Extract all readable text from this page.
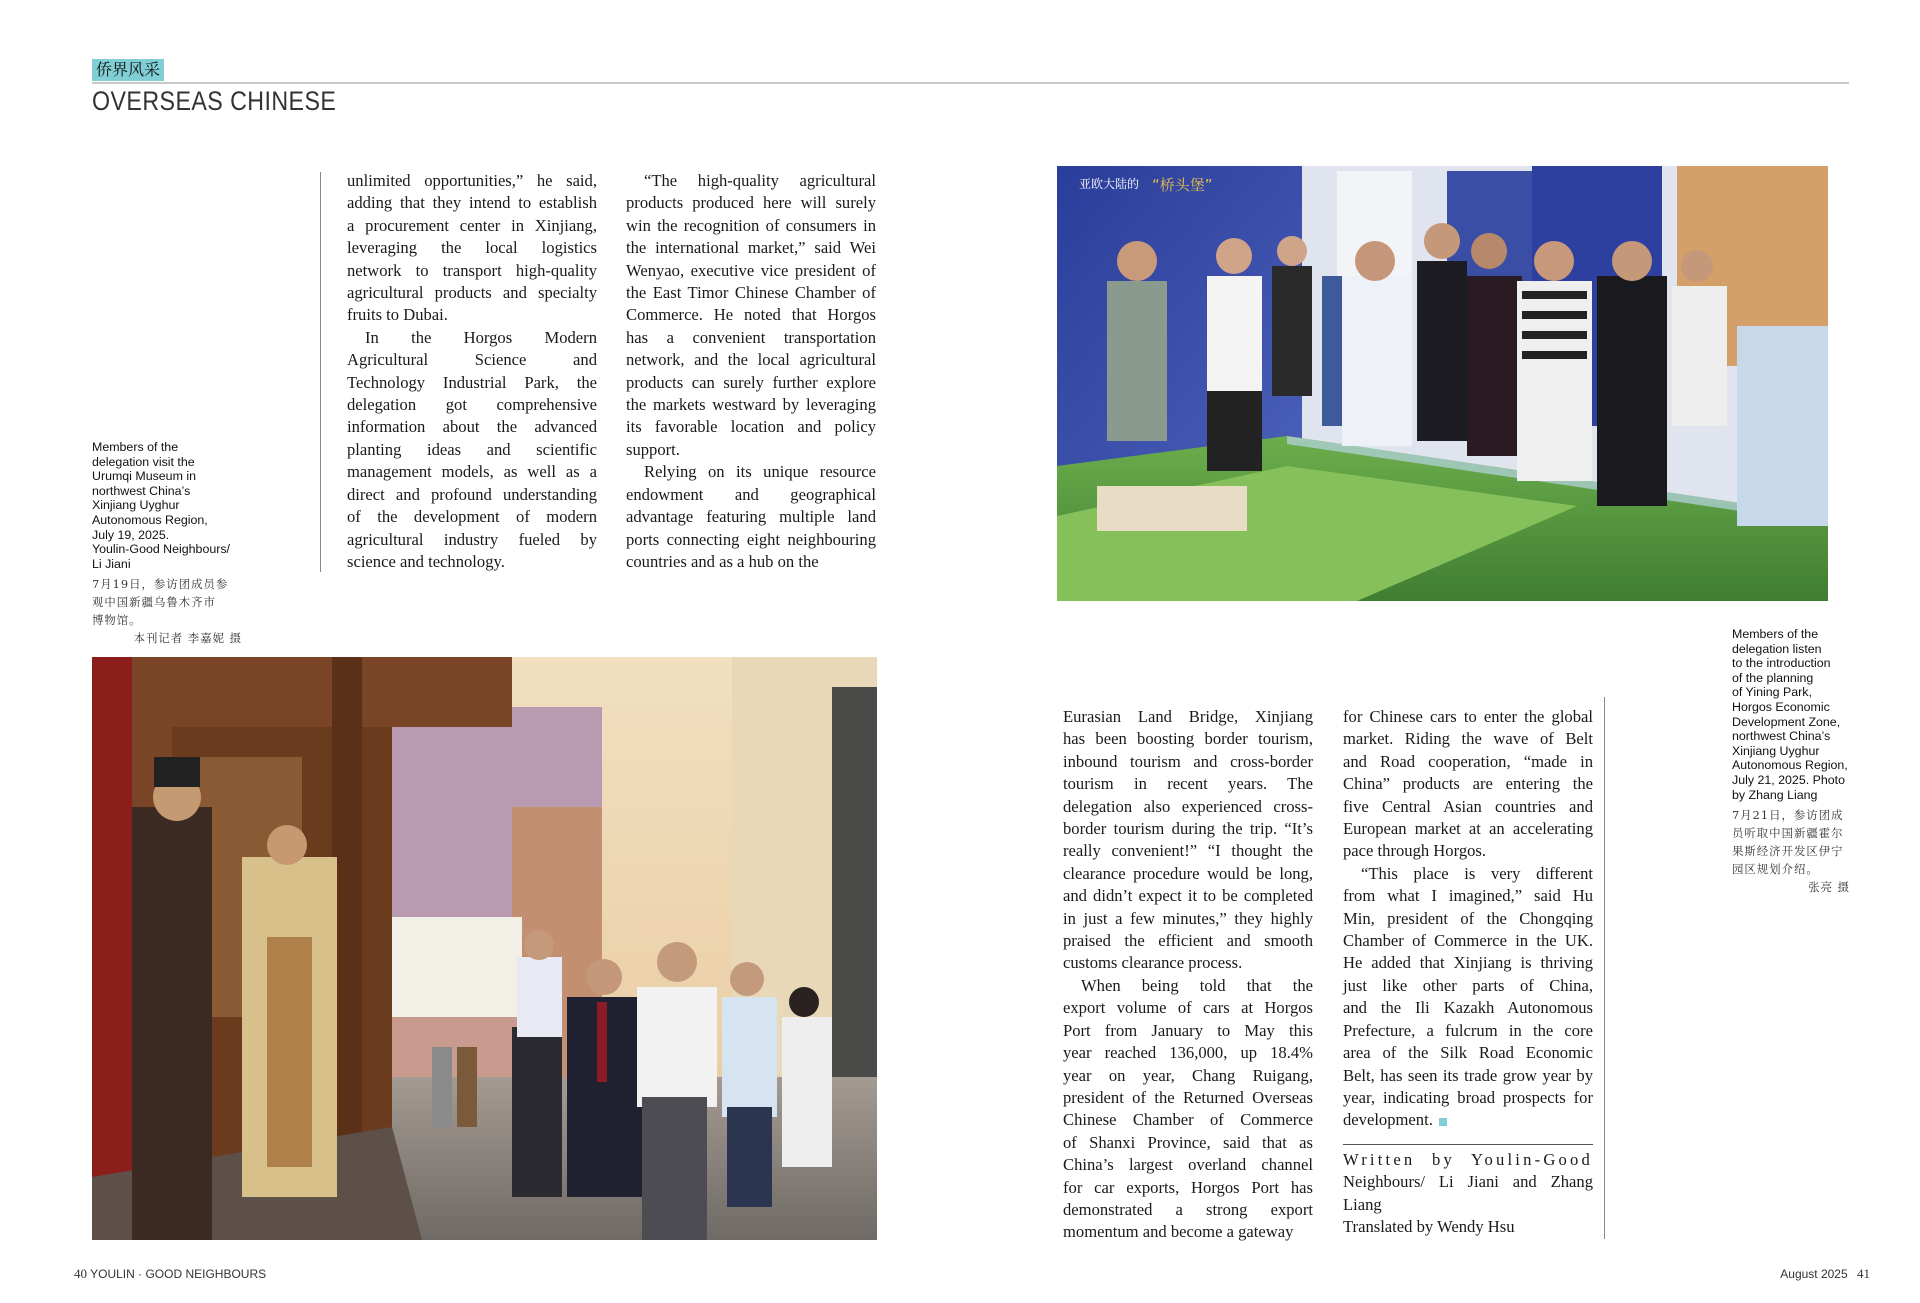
侨界风采
OVERSEAS CHINESE
Members of the
delegation visit the
Urumqi Museum in
northwest China’s
Xinjiang Uyghur
Autonomous Region,
July 19, 2025.
Youlin-Good Neighbours/
Li Jiani
7月19日，参访团成员参
观中国新疆乌鲁木齐市
博物馆。
本刊记者 李嘉妮 摄
unlimited opportunities,” he said,
adding that they intend to establish
a procurement center in Xinjiang,
leveraging the local logistics
network to transport high-quality
agricultural products and specialty
fruits to Dubai.
In the Horgos Modern
Agricultural Science and
Technology Industrial Park, the
delegation got comprehensive
information about the advanced
planting ideas and scientific
management models, as well as a
direct and profound understanding
of the development of modern
agricultural industry fueled by
science and technology.
“The high-quality agricultural
products produced here will surely
win the recognition of consumers in
the international market,” said Wei
Wenyao, executive vice president of
the East Timor Chinese Chamber of
Commerce. He noted that Horgos
has a convenient transportation
network, and the local agricultural
products can surely further explore
the markets westward by leveraging
its favorable location and policy
support.
Relying on its unique resource
endowment and geographical
advantage featuring multiple land
ports connecting eight neighbouring
countries and as a hub on the
亚欧大陆的 “桥头堡”
Members of the
delegation listen
to the introduction
of the planning
of Yining Park,
Horgos Economic
Development Zone,
northwest China’s
Xinjiang Uyghur
Autonomous Region,
July 21, 2025. Photo
by Zhang Liang
7月21日，参访团成
员听取中国新疆霍尔
果斯经济开发区伊宁
园区规划介绍。
张亮 摄
Eurasian Land Bridge, Xinjiang
has been boosting border tourism,
inbound tourism and cross-border
tourism in recent years. The
delegation also experienced cross-
border tourism during the trip. “It’s
really convenient!” “I thought the
clearance procedure would be long,
and didn’t expect it to be completed
in just a few minutes,” they highly
praised the efficient and smooth
customs clearance process.
When being told that the
export volume of cars at Horgos
Port from January to May this
year reached 136,000, up 18.4%
year on year, Chang Ruigang,
president of the Returned Overseas
Chinese Chamber of Commerce
of Shanxi Province, said that as
China’s largest overland channel
for car exports, Horgos Port has
demonstrated a strong export
momentum and become a gateway
for Chinese cars to enter the global
market. Riding the wave of Belt
and Road cooperation, “made in
China” products are entering the
five Central Asian countries and
European market at an accelerating
pace through Horgos.
“This place is very different
from what I imagined,” said Hu
Min, president of the Chongqing
Chamber of Commerce in the UK.
He added that Xinjiang is thriving
just like other parts of China,
and the Ili Kazakh Autonomous
Prefecture, a fulcrum in the core
area of the Silk Road Economic
Belt, has seen its trade grow year by
year, indicating broad prospects for
development.
Written by Youlin-Good
Neighbours/ Li Jiani and Zhang
Liang
Translated by Wendy Hsu
40 YOULIN · GOOD NEIGHBOURS	August 2025 41
